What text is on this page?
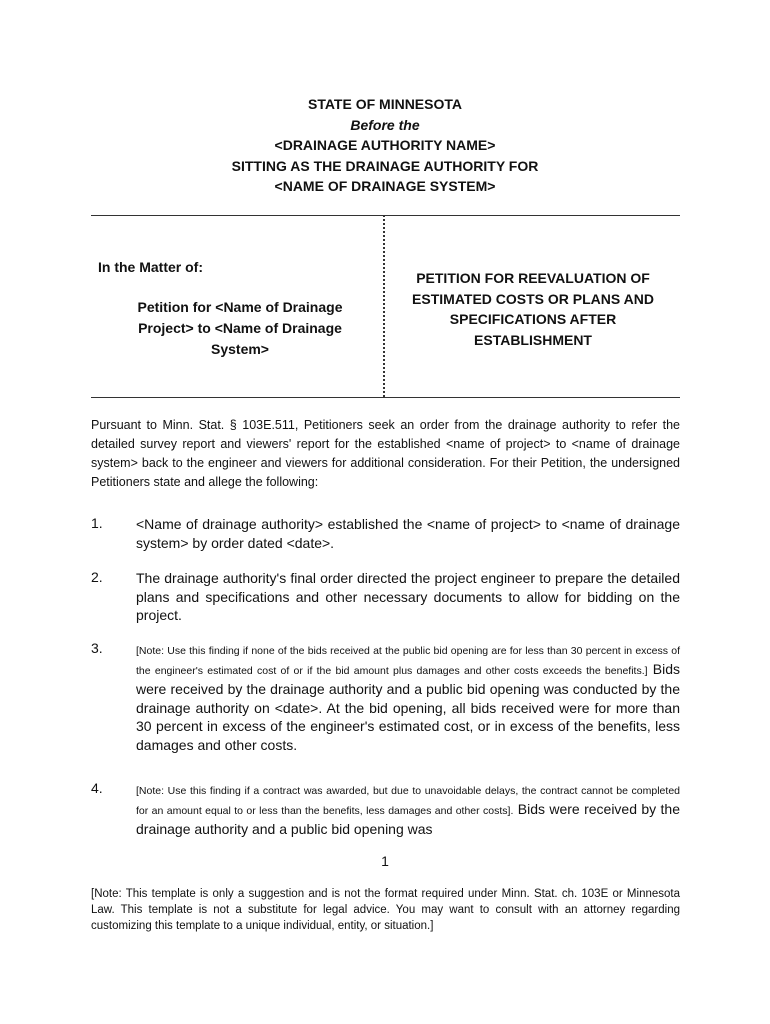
STATE OF MINNESOTA
Before the
<DRAINAGE AUTHORITY NAME>
SITTING AS THE DRAINAGE AUTHORITY FOR
<NAME OF DRAINAGE SYSTEM>
In the Matter of:
Petition for <Name of Drainage
Project> to <Name of Drainage
System>
PETITION FOR REEVALUATION OF
ESTIMATED COSTS OR PLANS AND
SPECIFICATIONS AFTER
ESTABLISHMENT
Pursuant to Minn. Stat. § 103E.511, Petitioners seek an order from the drainage authority to refer the detailed survey report and viewers' report for the established <name of project> to <name of drainage system> back to the engineer and viewers for additional consideration. For their Petition, the undersigned Petitioners state and allege the following:
1. <Name of drainage authority> established the <name of project> to <name of drainage system> by order dated <date>.
2. The drainage authority's final order directed the project engineer to prepare the detailed plans and specifications and other necessary documents to allow for bidding on the project.
3.	[Note: Use this finding if none of the bids received at the public bid opening are for less than 30 percent in excess of the engineer's estimated cost of or if the bid amount plus damages and other costs exceeds the benefits.] Bids were received by the drainage authority and a public bid opening was conducted by the drainage authority on <date>. At the bid opening, all bids received were for more than 30 percent in excess of the engineer's estimated cost, or in excess of the benefits, less damages and other costs.
4.	[Note: Use this finding if a contract was awarded, but due to unavoidable delays, the contract cannot be completed for an amount equal to or less than the benefits, less damages and other costs]. Bids were received by the drainage authority and a public bid opening was
1
[Note: This template is only a suggestion and is not the format required under Minn. Stat. ch. 103E or Minnesota Law. This template is not a substitute for legal advice. You may want to consult with an attorney regarding customizing this template to a unique individual, entity, or situation.]
